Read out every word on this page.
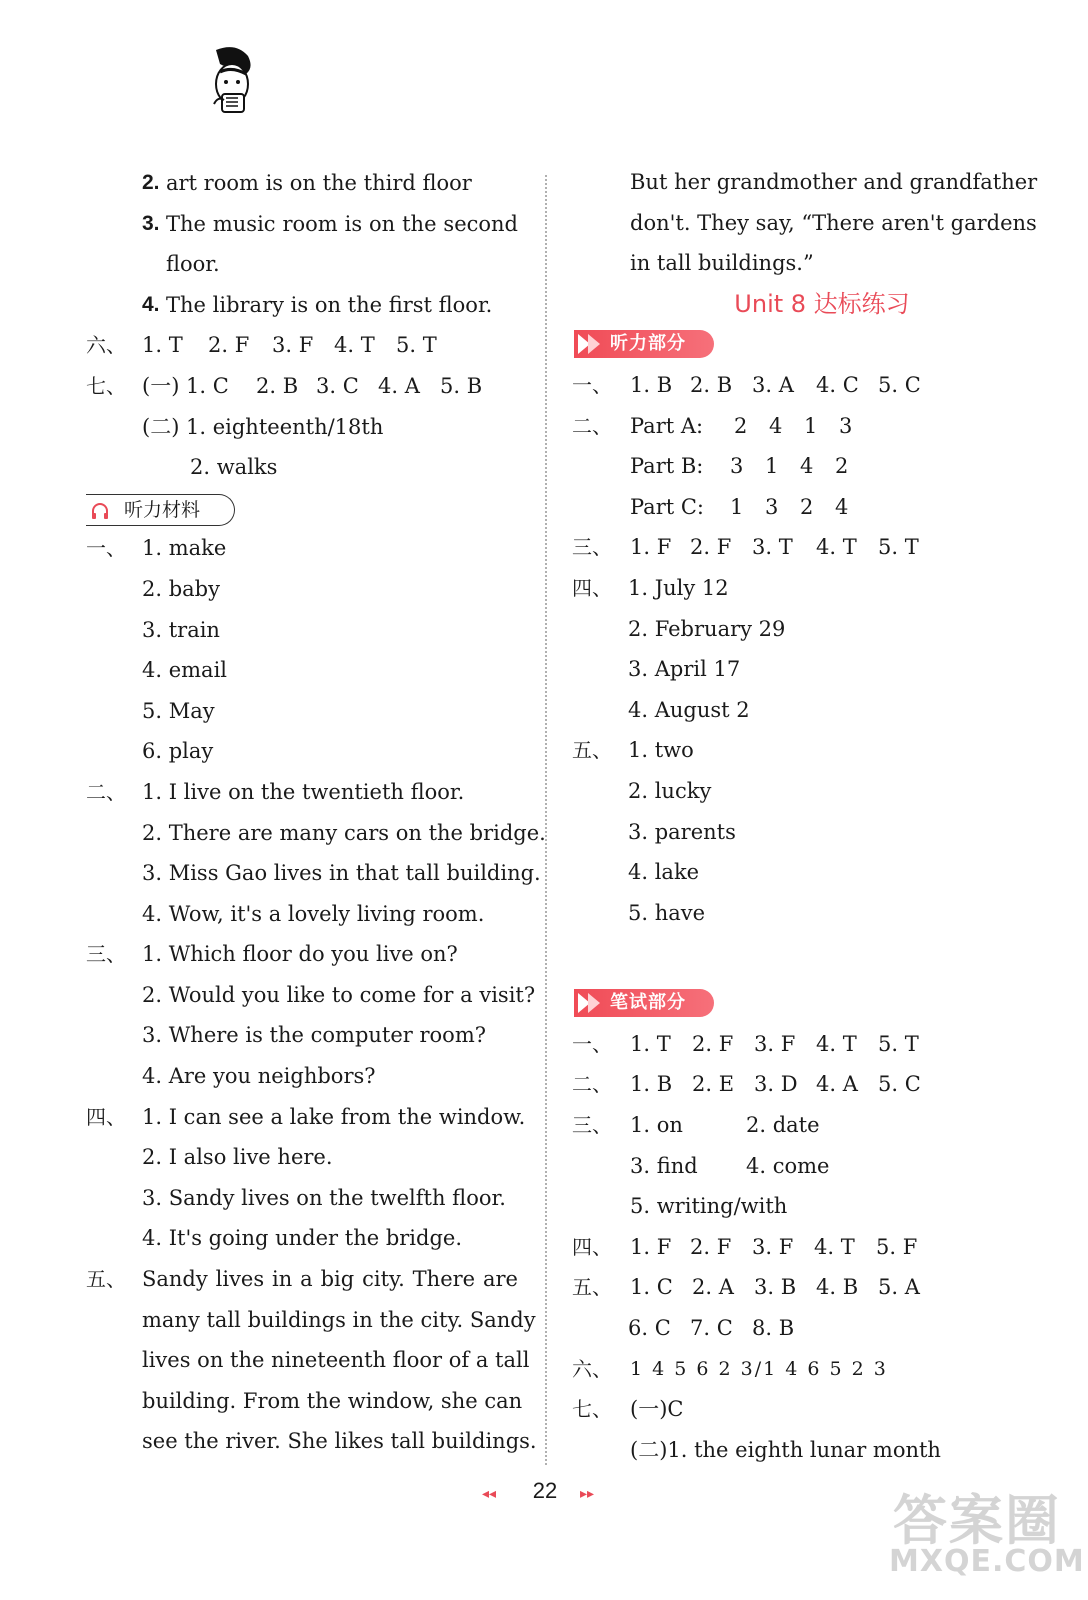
2. art room is on the third floor
3. The music room is on the second
floor.
4. The library is on the first floor.
六、 1. T 2. F 3. F 4. T 5. T
七、 (一) 1. C 2. B 3. C 4. A 5. B
(二) 1. eighteenth/18th
2. walks
听力材料
一、 1. make
2. baby
3. train
4. email
5. May
6. play
二、 1. I live on the twentieth floor.
2. There are many cars on the bridge.
3. Miss Gao lives in that tall building.
4. Wow, it's a lovely living room.
三、 1. Which floor do you live on?
2. Would you like to come for a visit?
3. Where is the computer room?
4. Are you neighbors?
四、 1. I can see a lake from the window.
2. I also live here.
3. Sandy lives on the twelfth floor.
4. It's going under the bridge.
五、 Sandy lives in a big city. There are
many tall buildings in the city. Sandy
lives on the nineteenth floor of a tall
building. From the window, she can
see the river. She likes tall buildings.
But her grandmother and grandfather
don't. They say, “There aren't gardens
in tall buildings.”
Unit 8 达标练习
听力部分
一、 1. B 2. B 3. A 4. C 5. C
二、 Part A: 2 4 1 3
Part B: 3 1 4 2
Part C: 1 3 2 4
三、 1. F 2. F 3. T 4. T 5. T
四、 1. July 12
2. February 29
3. April 17
4. August 2
五、 1. two
2. lucky
3. parents
4. lake
5. have
笔试部分
一、 1. T 2. F 3. F 4. T 5. T
二、 1. B 2. E 3. D 4. A 5. C
三、 1. on	2. date
3. find 4. come
5. writing/with
四、 1. F 2. F 3. F 4. T 5. F
五、 1. C 2. A 3. B 4. B 5. A
6. C 7. C 8. B
六、 1 4 5 6 2 3/1 4 6 5 2 3
七、 (一)C
(二)1. the eighth lunar month
◂◂ 22 ▸▸	答案圈
MXQE.COM
